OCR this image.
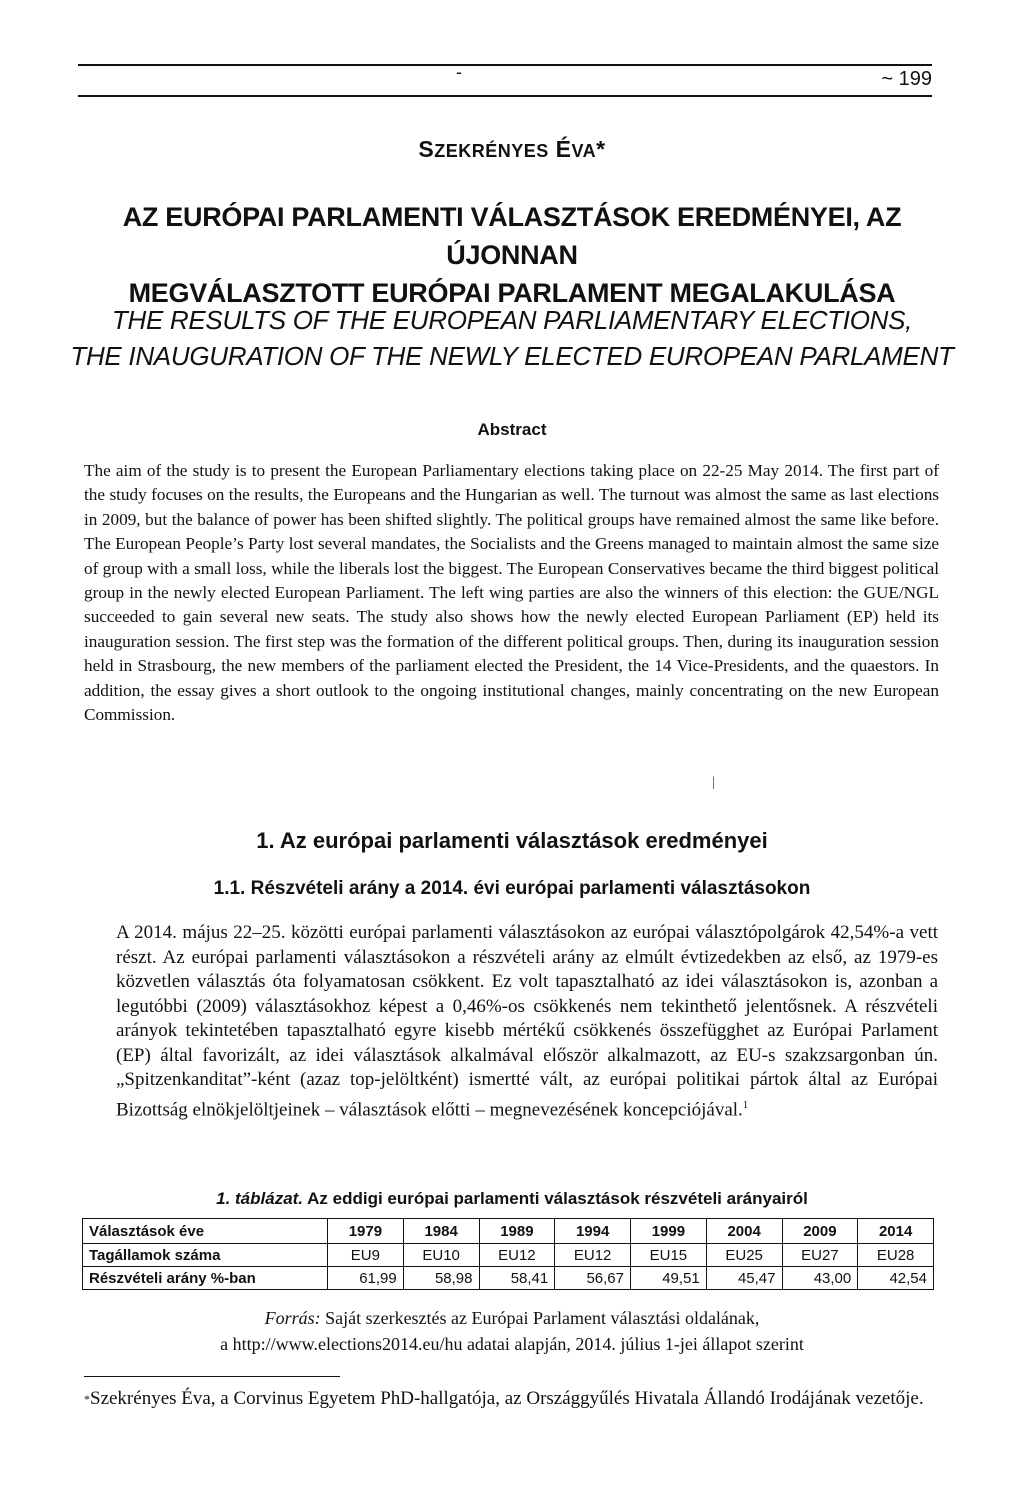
-	~ 199
SZEKRÉNYES ÉVA*
AZ EURÓPAI PARLAMENTI VÁLASZTÁSOK EREDMÉNYEI, AZ ÚJONNAN
MEGVÁLASZTOTT EURÓPAI PARLAMENT MEGALAKULÁSA
THE RESULTS OF THE EUROPEAN PARLIAMENTARY ELECTIONS,
THE INAUGURATION OF THE NEWLY ELECTED EUROPEAN PARLAMENT
Abstract
The aim of the study is to present the European Parliamentary elections taking place on 22-25 May 2014. The first part of the study focuses on the results, the Europeans and the Hungarian as well. The turnout was almost the same as last elections in 2009, but the balance of power has been shifted slightly. The political groups have remained almost the same like before. The European People’s Party lost several mandates, the Socialists and the Greens managed to maintain almost the same size of group with a small loss, while the liberals lost the biggest. The European Conservatives became the third biggest political group in the newly elected European Parliament. The left wing parties are also the winners of this election: the GUE/NGL succeeded to gain several new seats. The study also shows how the newly elected European Parliament (EP) held its inauguration session. The first step was the formation of the different political groups. Then, during its inauguration session held in Strasbourg, the new members of the parliament elected the President, the 14 Vice-Presidents, and the quaestors. In addition, the essay gives a short outlook to the ongoing institutional changes, mainly concentrating on the new European Commission.
|
1. Az európai parlamenti választások eredményei
1.1. Részvételi arány a 2014. évi európai parlamenti választásokon
A 2014. május 22–25. közötti európai parlamenti választásokon az európai választópolgárok 42,54%-a vett részt. Az európai parlamenti választásokon a részvételi arány az elmúlt évtizedekben az első, az 1979-es közvetlen választás óta folyamatosan csökkent. Ez volt tapasztalható az idei választásokon is, azonban a legutóbbi (2009) választásokhoz képest a 0,46%-os csökkenés nem tekinthető jelentősnek. A részvételi arányok tekintetében tapasztalható egyre kisebb mértékű csökkenés összefügghet az Európai Parlament (EP) által favorizált, az idei választások alkalmával először alkalmazott, az EU-s szakzsargonban ún. „Spitzenkanditat”-ként (azaz top-jelöltként) ismertté vált, az európai politikai pártok által az Európai Bizottság elnökjelöltjeinek – választások előtti – megnevezésének koncepciójával.$^1$
1. táblázat. Az eddigi európai parlamenti választások részvételi arányairól
Választások éve	1979	1984	1989	1994	1999	2004	2009	2014
Tagállamok száma	EU9	EU10	EU12	EU12	EU15	EU25	EU27	EU28
Részvételi arány %-ban	61,99	58,98	58,41	56,67	49,51	45,47	43,00	42,54
Forrás: Saját szerkesztés az Európai Parlament választási oldalának,
a http://www.elections2014.eu/hu adatai alapján, 2014. július 1-jei állapot szerint
*Szekrényes Éva, a Corvinus Egyetem PhD-hallgatója, az Országgyűlés Hivatala Állandó Irodájának vezetője.
